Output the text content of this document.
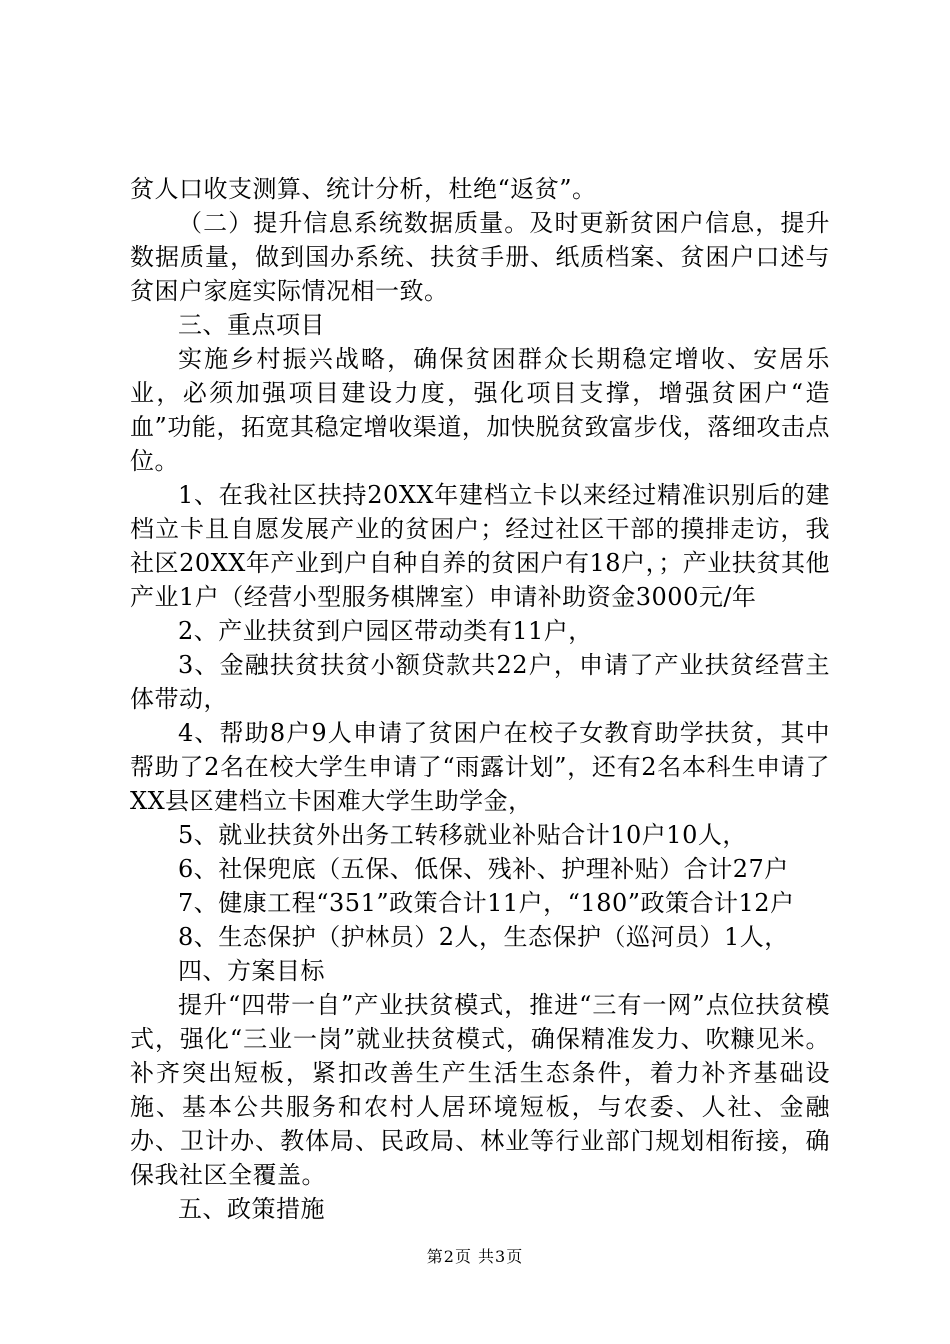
贫人口收支测算、统计分析，杜绝“返贫”。

（二）提升信息系统数据质量。及时更新贫困户信息，提升数据质量，做到国办系统、扶贫手册、纸质档案、贫困户口述与贫困户家庭实际情况相一致。

三、重点项目

实施乡村振兴战略，确保贫困群众长期稳定增收、安居乐业，必须加强项目建设力度，强化项目支撑，增强贫困户“造血”功能，拓宽其稳定增收渠道，加快脱贫致富步伐，落细攻击点位。

1、在我社区扶持20XX年建档立卡以来经过精准识别后的建档立卡且自愿发展产业的贫困户；经过社区干部的摸排走访，我社区20XX年产业到户自种自养的贫困户有18户，；产业扶贫其他产业1户（经营小型服务棋牌室）申请补助资金3000元/年

2、产业扶贫到户园区带动类有11户，

3、金融扶贫扶贫小额贷款共22户，申请了产业扶贫经营主体带动，

4、帮助8户9人申请了贫困户在校子女教育助学扶贫，其中帮助了2名在校大学生申请了“雨露计划”，还有2名本科生申请了XX县区建档立卡困难大学生助学金，

5、就业扶贫外出务工转移就业补贴合计10户10人，

6、社保兜底（五保、低保、残补、护理补贴）合计27户

7、健康工程“351”政策合计11户，“180”政策合计12户

8、生态保护（护林员）2人，生态保护（巡河员）1人，

四、方案目标

提升“四带一自”产业扶贫模式，推进“三有一网”点位扶贫模式，强化“三业一岗”就业扶贫模式，确保精准发力、吹糠见米。补齐突出短板，紧扣改善生产生活生态条件，着力补齐基础设施、基本公共服务和农村人居环境短板，与农委、人社、金融办、卫计办、教体局、民政局、林业等行业部门规划相衔接，确保我社区全覆盖。

五、政策措施

第2页 共3页
